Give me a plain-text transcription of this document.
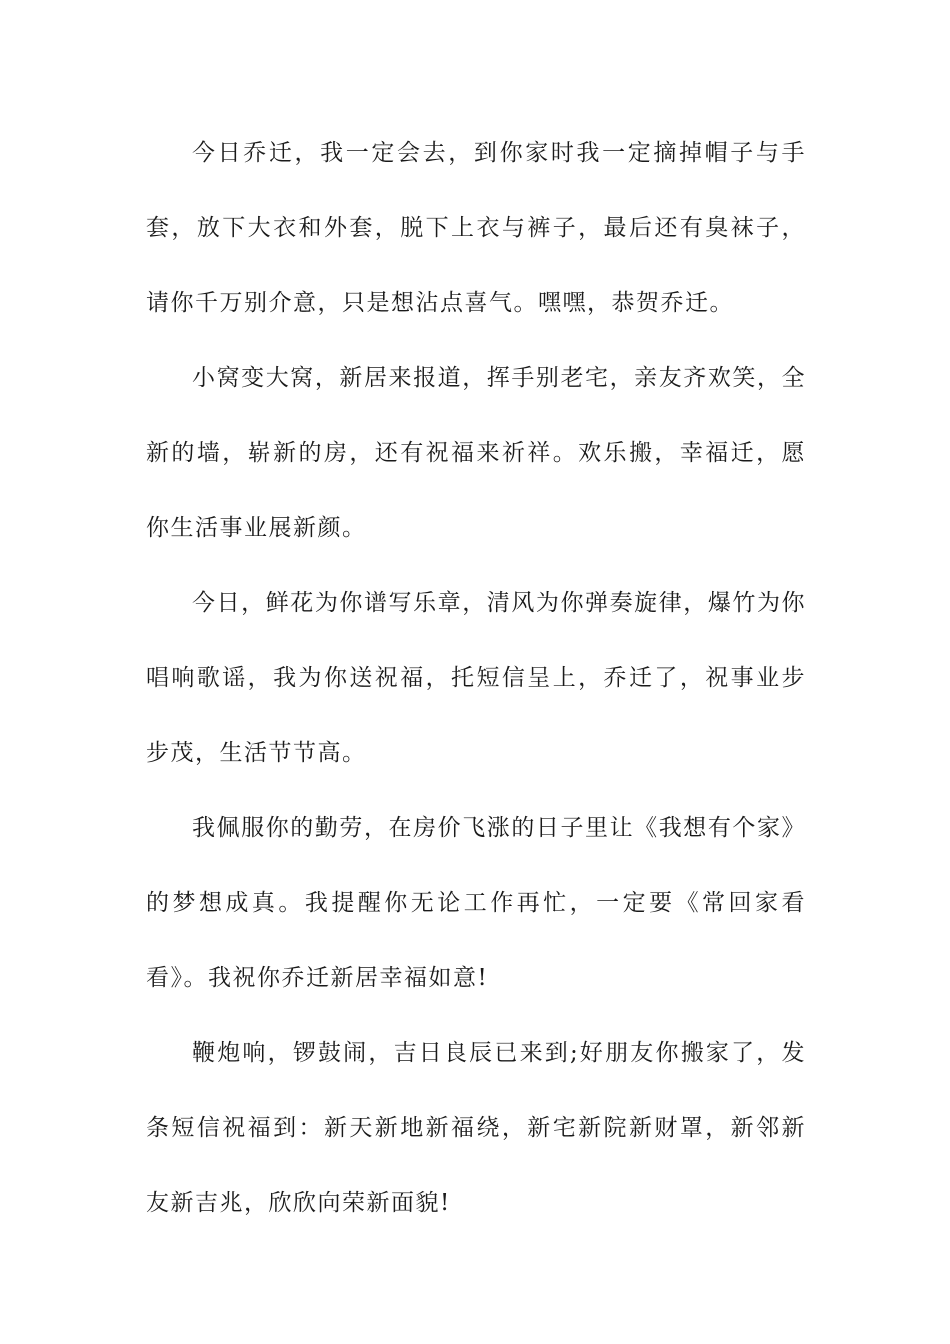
今日乔迁，我一定会去，到你家时我一定摘掉帽子与手套，放下大衣和外套，脱下上衣与裤子，最后还有臭袜子，请你千万别介意，只是想沾点喜气。嘿嘿，恭贺乔迁。

小窝变大窝，新居来报道，挥手别老宅，亲友齐欢笑，全新的墙，崭新的房，还有祝福来祈祥。欢乐搬，幸福迁，愿你生活事业展新颜。

今日，鲜花为你谱写乐章，清风为你弹奏旋律，爆竹为你唱响歌谣，我为你送祝福，托短信呈上，乔迁了，祝事业步步茂，生活节节高。

我佩服你的勤劳，在房价飞涨的日子里让《我想有个家》的梦想成真。我提醒你无论工作再忙，一定要《常回家看看》。我祝你乔迁新居幸福如意!

鞭炮响，锣鼓闹，吉日良辰已来到;好朋友你搬家了，发条短信祝福到：新天新地新福绕，新宅新院新财罩，新邻新友新吉兆，欣欣向荣新面貌!
